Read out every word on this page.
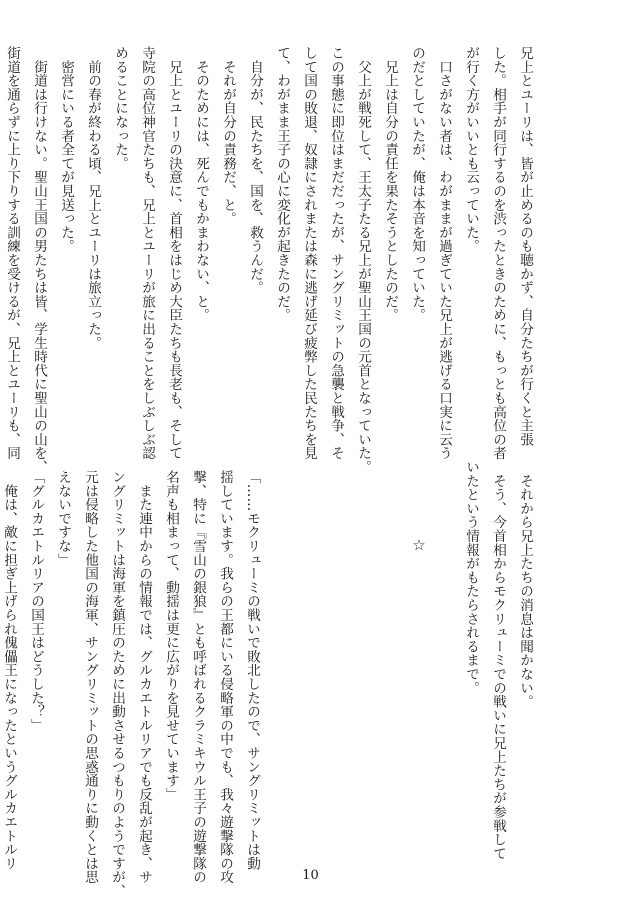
兄上とユーリは、皆が止めるのも聴かず、自分たちが行くと主張
した。相手が同行するのを渋ったときのために、もっとも高位の者
が行く方がいいとも云っていた。
　口さがない者は、わがままが過ぎていた兄上が逃げる口実に云う
のだとしていたが、俺は本音を知っていた。
　兄上は自分の責任を果たそうとしたのだ。
　父上が戦死して、王太子たる兄上が聖山王国の元首となっていた。
この事態に即位はまだだったが、サングリミットの急襲と戦争、そ
して国の敗退、奴隷にされまたは森に逃げ延び疲弊した民たちを見
て、わがまま王子の心に変化が起きたのだ。
　自分が、民たちを、国を、救うんだ。
　それが自分の責務だ、と。
　そのためには、死んでもかまわない、と。
　兄上とユーリの決意に、首相をはじめ大臣たちも長老も、そして
寺院の高位神官たちも、兄上とユーリが旅に出ることをしぶしぶ認
めることになった。
　前の春が終わる頃、兄上とユーリは旅立った。
　密営にいる者全てが見送った。
　街道は行けない。聖山王国の男たちは皆、学生時代に聖山の山を、
街道を通らずに上り下りする訓練を受けるが、兄上とユーリも、同
　それから兄上たちの消息は聞かない。
　そう、今首相からモクリューミでの戦いに兄上たちが参戦して
いたという情報がもたらされるまで。
☆
「……モクリューミの戦いで敗北したので、サングリミットは動
揺しています。我らの王都にいる侵略軍の中でも、我々遊撃隊の攻
撃、特に『雪山の銀狼』とも呼ばれるクラミキウル王子の遊撃隊の
名声も相まって、動揺は更に広がりを見せています」
　また連中からの情報では、グルカエトルリアでも反乱が起き、サ
ングリミットは海軍を鎮圧のために出動させるつもりのようですが、
元は侵略した他国の海軍、サングリミットの思惑通りに動くとは思
えないですな」
「グルカエトルリアの国王はどうした？」
　俺は、敵に担ぎ上げられ傀儡王になったというグルカエトルリ
10
